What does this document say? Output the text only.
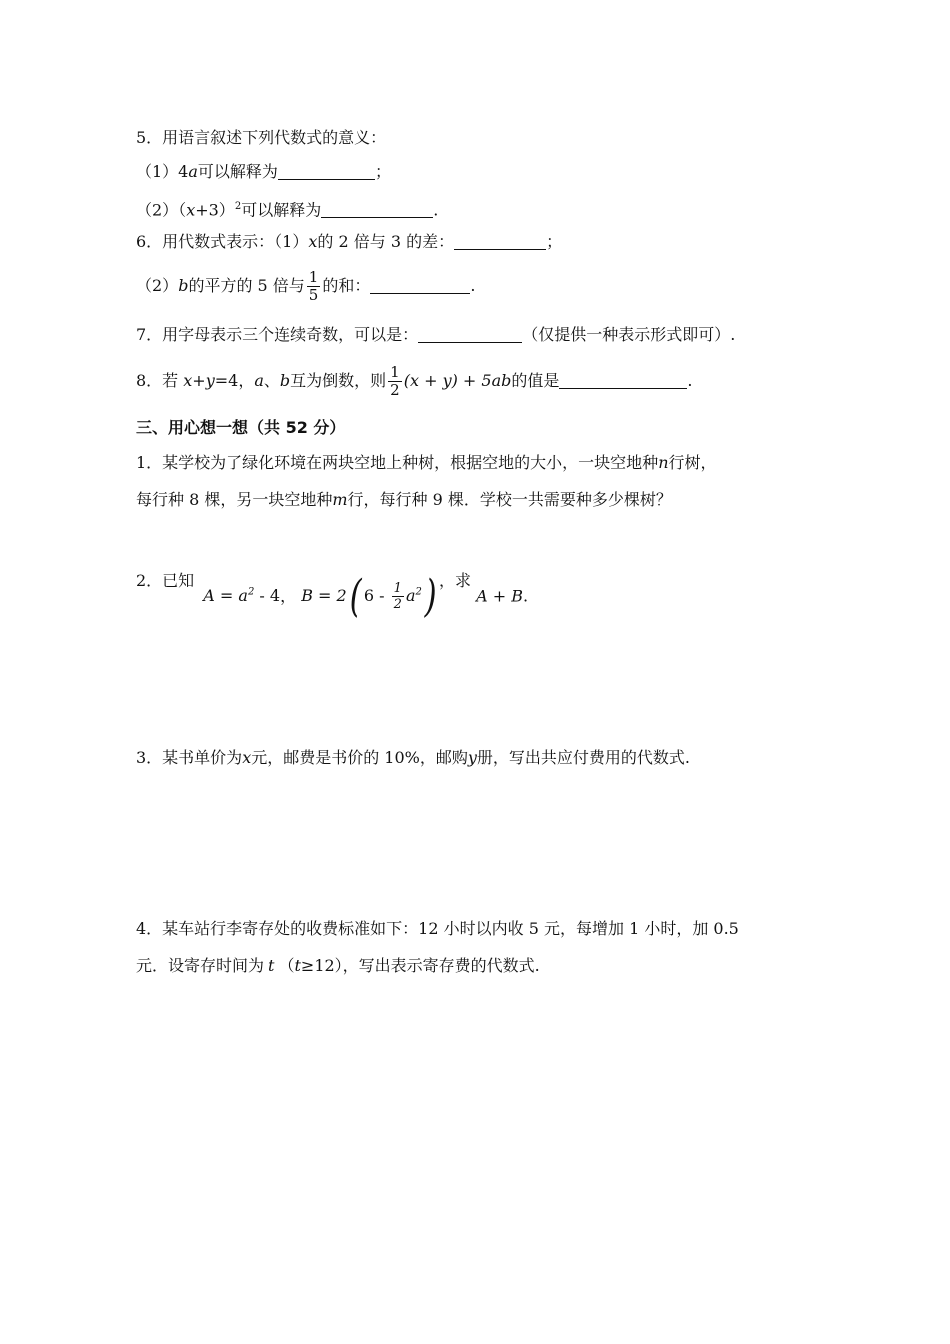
5．用语言叙述下列代数式的意义：
（1）4a可以解释为	；
$(2)(x+3)^2$可以解释为	.
6．用代数式表示：（1）x的 2 倍与 3 的差：	；
（2）b的平方的 5 倍与 $\frac{1}{5}$ 的和：	.
7．用字母表示三个连续奇数，可以是：	（仅提供一种表示形式即可）.
8．若 x+y=4，a、b互为倒数，则 $\frac{1}{2} (x + y) + 5ab$的值是	.
三、用心想一想（共 52 分）
1．某学校为了绿化环境在两块空地上种树，根据空地的大小，一块空地种n行树，
每行种 8 棵，另一块空地种m行，每行种 9 棵．学校一共需要种多少棵树？
2．已知 $A = a^2 - 4$， B = 2( $6 - \frac{1}{2} a^2$) ，求 A + B.
3．某书单价为x元，邮费是书价的 10%，邮购y册，写出共应付费用的代数式.
4．某车站行李寄存处的收费标准如下：12 小时以内收 5 元，每增加 1 小时，加 0.5
元．设寄存时间为 t （t≥12），写出表示寄存费的代数式.
